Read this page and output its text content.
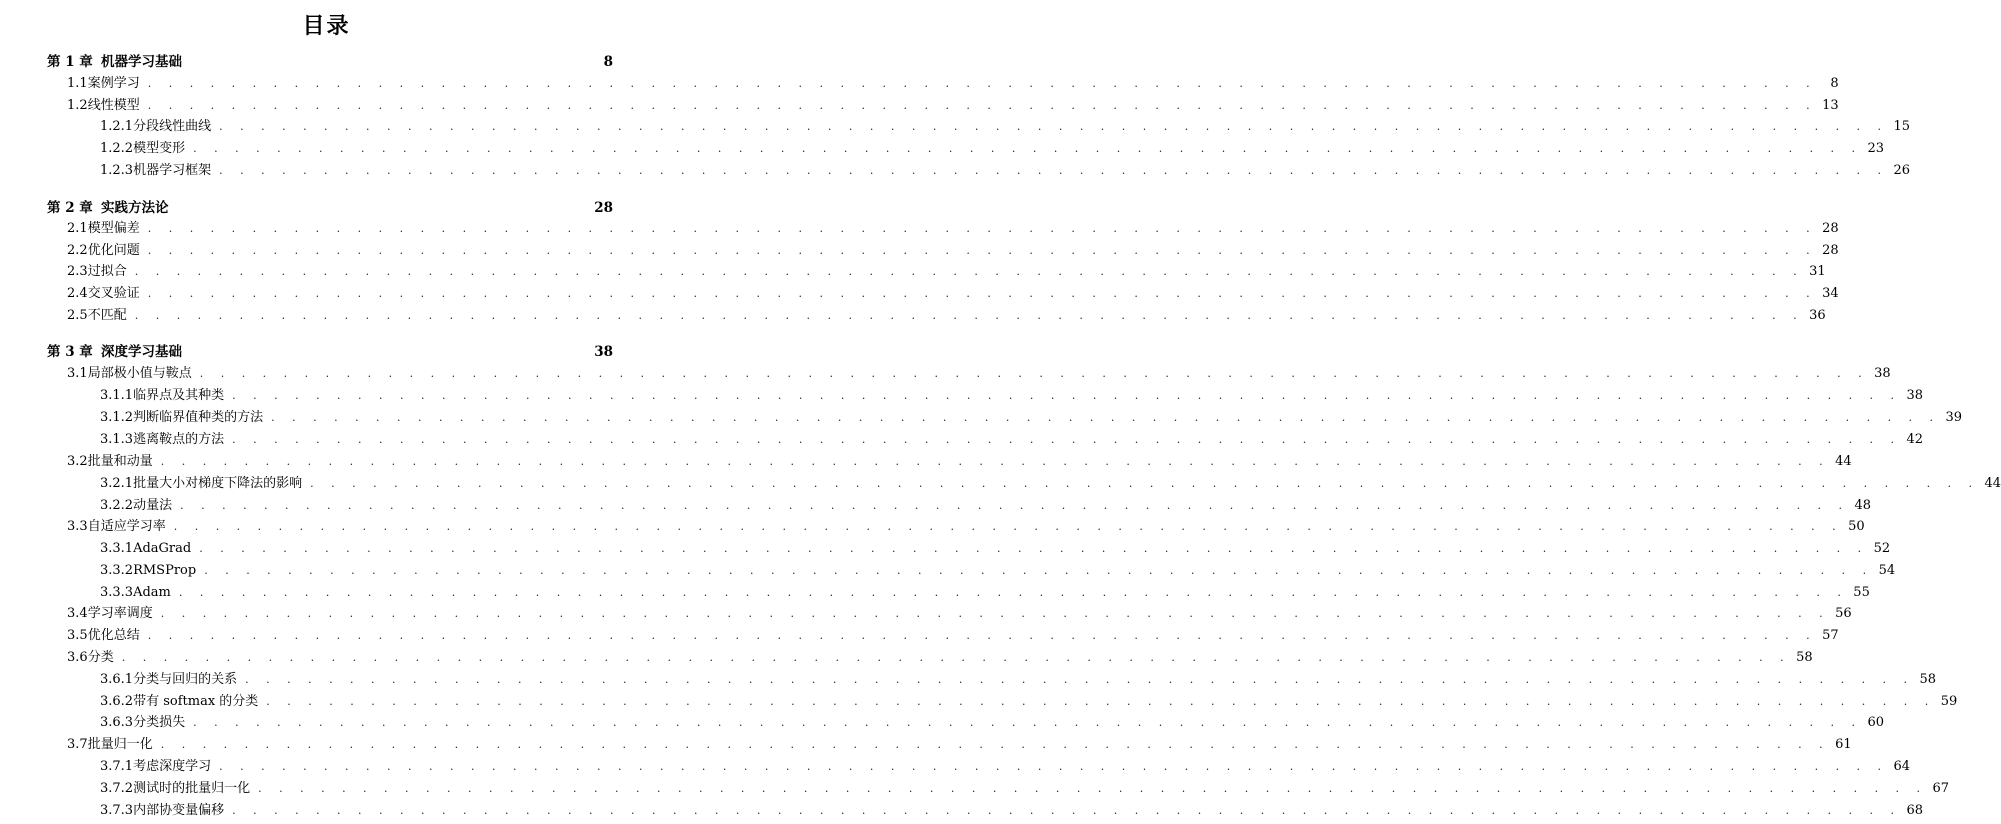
目录
第 1 章 机器学习基础	8
1.1 案例学习 . . . . . . . . . . . . . . . . . . . . . . . . . . . . . . . . . . . . . . . . . . . . . . . . . . . . . . . . . . . . . . . . . . . . . . . . . . . . . . . .	8
1.2 线性模型 . . . . . . . . . . . . . . . . . . . . . . . . . . . . . . . . . . . . . . . . . . . . . . . . . . . . . . . . . . . . . . . . . . . . . . . . . . . . . . . . 13
1.2.1 分段线性曲线 . . . . . . . . . . . . . . . . . . . . . . . . . . . . . . . . . . . . . . . . . . . . . . . . . . . . . . . . . . . . . . . . . . . . . . . . . . . . . . . . 15
1.2.2 模型变形 . . . . . . . . . . . . . . . . . . . . . . . . . . . . . . . . . . . . . . . . . . . . . . . . . . . . . . . . . . . . . . . . . . . . . . . . . . . . . . . . 23
1.2.3 机器学习框架 . . . . . . . . . . . . . . . . . . . . . . . . . . . . . . . . . . . . . . . . . . . . . . . . . . . . . . . . . . . . . . . . . . . . . . . . . . . . . . . . 26
第 2 章 实践方法论	28
2.1 模型偏差 . . . . . . . . . . . . . . . . . . . . . . . . . . . . . . . . . . . . . . . . . . . . . . . . . . . . . . . . . . . . . . . . . . . . . . . . . . . . . . . . 28
2.2 优化问题 . . . . . . . . . . . . . . . . . . . . . . . . . . . . . . . . . . . . . . . . . . . . . . . . . . . . . . . . . . . . . . . . . . . . . . . . . . . . . . . . 28
2.3 过拟合 . . . . . . . . . . . . . . . . . . . . . . . . . . . . . . . . . . . . . . . . . . . . . . . . . . . . . . . . . . . . . . . . . . . . . . . . . . . . . . . . 31
2.4 交叉验证 . . . . . . . . . . . . . . . . . . . . . . . . . . . . . . . . . . . . . . . . . . . . . . . . . . . . . . . . . . . . . . . . . . . . . . . . . . . . . . . . 34
2.5 不匹配 . . . . . . . . . . . . . . . . . . . . . . . . . . . . . . . . . . . . . . . . . . . . . . . . . . . . . . . . . . . . . . . . . . . . . . . . . . . . . . . . 36
第 3 章 深度学习基础	38
3.1 局部极小值与鞍点 . . . . . . . . . . . . . . . . . . . . . . . . . . . . . . . . . . . . . . . . . . . . . . . . . . . . . . . . . . . . . . . . . . . . . . . . . . . . . . . . 38
3.1.1 临界点及其种类 . . . . . . . . . . . . . . . . . . . . . . . . . . . . . . . . . . . . . . . . . . . . . . . . . . . . . . . . . . . . . . . . . . . . . . . . . . . . . . . . 38
3.1.2 判断临界值种类的方法 . . . . . . . . . . . . . . . . . . . . . . . . . . . . . . . . . . . . . . . . . . . . . . . . . . . . . . . . . . . . . . . . . . . . . . . . . . . . . . . . 39
3.1.3 逃离鞍点的方法 . . . . . . . . . . . . . . . . . . . . . . . . . . . . . . . . . . . . . . . . . . . . . . . . . . . . . . . . . . . . . . . . . . . . . . . . . . . . . . . . 42
3.2 批量和动量 . . . . . . . . . . . . . . . . . . . . . . . . . . . . . . . . . . . . . . . . . . . . . . . . . . . . . . . . . . . . . . . . . . . . . . . . . . . . . . . . 44
3.2.1 批量大小对梯度下降法的影响 . . . . . . . . . . . . . . . . . . . . . . . . . . . . . . . . . . . . . . . . . . . . . . . . . . . . . . . . . . . . . . . . . . . . . . . . . . . . . . . . 44
3.2.2 动量法 . . . . . . . . . . . . . . . . . . . . . . . . . . . . . . . . . . . . . . . . . . . . . . . . . . . . . . . . . . . . . . . . . . . . . . . . . . . . . . . . 48
3.3 自适应学习率 . . . . . . . . . . . . . . . . . . . . . . . . . . . . . . . . . . . . . . . . . . . . . . . . . . . . . . . . . . . . . . . . . . . . . . . . . . . . . . . . 50
3.3.1 AdaGrad . . . . . . . . . . . . . . . . . . . . . . . . . . . . . . . . . . . . . . . . . . . . . . . . . . . . . . . . . . . . . . . . . . . . . . . . . . . . . . . . 52
3.3.2 RMSProp . . . . . . . . . . . . . . . . . . . . . . . . . . . . . . . . . . . . . . . . . . . . . . . . . . . . . . . . . . . . . . . . . . . . . . . . . . . . . . . . 54
3.3.3 Adam . . . . . . . . . . . . . . . . . . . . . . . . . . . . . . . . . . . . . . . . . . . . . . . . . . . . . . . . . . . . . . . . . . . . . . . . . . . . . . . . 55
3.4 学习率调度 . . . . . . . . . . . . . . . . . . . . . . . . . . . . . . . . . . . . . . . . . . . . . . . . . . . . . . . . . . . . . . . . . . . . . . . . . . . . . . . . 56
3.5 优化总结 . . . . . . . . . . . . . . . . . . . . . . . . . . . . . . . . . . . . . . . . . . . . . . . . . . . . . . . . . . . . . . . . . . . . . . . . . . . . . . . . 57
3.6 分类 . . . . . . . . . . . . . . . . . . . . . . . . . . . . . . . . . . . . . . . . . . . . . . . . . . . . . . . . . . . . . . . . . . . . . . . . . . . . . . . . 58
3.6.1 分类与回归的关系 . . . . . . . . . . . . . . . . . . . . . . . . . . . . . . . . . . . . . . . . . . . . . . . . . . . . . . . . . . . . . . . . . . . . . . . . . . . . . . . . 58
3.6.2 带有 softmax 的分类 . . . . . . . . . . . . . . . . . . . . . . . . . . . . . . . . . . . . . . . . . . . . . . . . . . . . . . . . . . . . . . . . . . . . . . . . . . . . . . . . 59
3.6.3 分类损失 . . . . . . . . . . . . . . . . . . . . . . . . . . . . . . . . . . . . . . . . . . . . . . . . . . . . . . . . . . . . . . . . . . . . . . . . . . . . . . . . 60
3.7 批量归一化 . . . . . . . . . . . . . . . . . . . . . . . . . . . . . . . . . . . . . . . . . . . . . . . . . . . . . . . . . . . . . . . . . . . . . . . . . . . . . . . . 61
3.7.1 考虑深度学习 . . . . . . . . . . . . . . . . . . . . . . . . . . . . . . . . . . . . . . . . . . . . . . . . . . . . . . . . . . . . . . . . . . . . . . . . . . . . . . . . 64
3.7.2 测试时的批量归一化 . . . . . . . . . . . . . . . . . . . . . . . . . . . . . . . . . . . . . . . . . . . . . . . . . . . . . . . . . . . . . . . . . . . . . . . . . . . . . . . . 67
3.7.3 内部协变量偏移 . . . . . . . . . . . . . . . . . . . . . . . . . . . . . . . . . . . . . . . . . . . . . . . . . . . . . . . . . . . . . . . . . . . . . . . . . . . . . . . . 68
